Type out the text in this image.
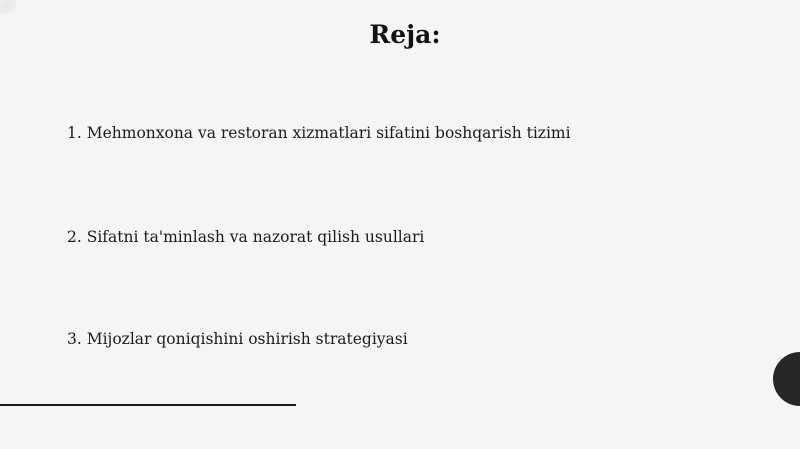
Reja:

1. Mehmonxona va restoran xizmatlari sifatini boshqarish tizimi

2. Sifatni ta'minlash va nazorat qilish usullari

3. Mijozlar qoniqishini oshirish strategiyasi
